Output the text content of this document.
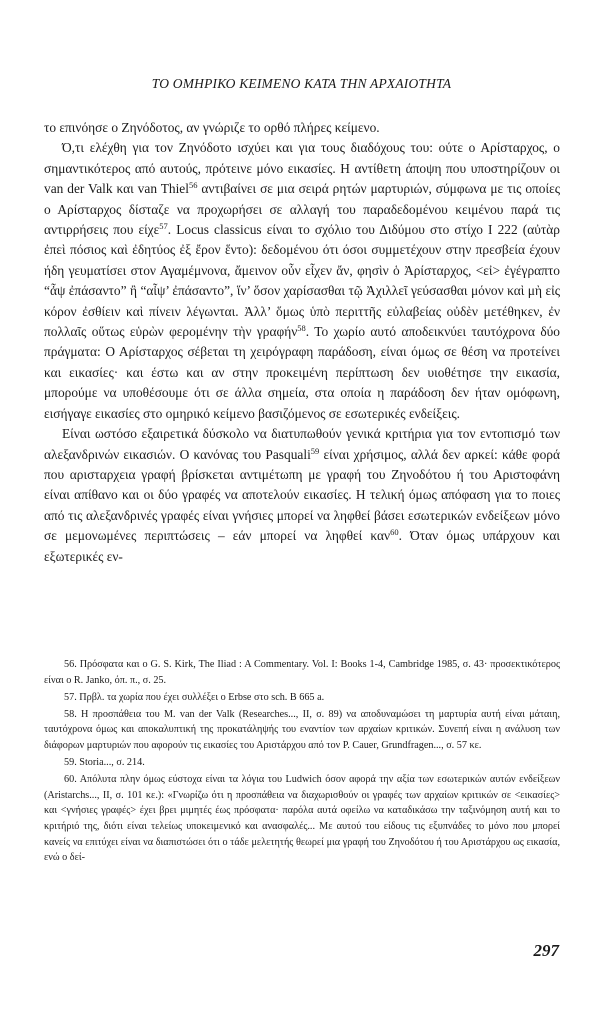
ΤΟ ΟΜΗΡΙΚΟ ΚΕΙΜΕΝΟ ΚΑΤΑ ΤΗΝ ΑΡΧΑΙΟΤΗΤΑ

το επινόησε ο Ζηνόδοτος, αν γνώριζε το ορθό πλήρες κείμενο.

Ό,τι ελέχθη για τον Ζηνόδοτο ισχύει και για τους διαδόχους του: ούτε ο Αρίσταρχος, ο σημαντικότερος από αυτούς, πρότεινε μόνο εικασίες. Η αντίθετη άποψη που υποστηρίζουν οι van der Valk και van Thiel$^{56}$ αντιβαίνει σε μια σειρά ρητών μαρτυριών, σύμφωνα με τις οποίες ο Αρίσταρχος δίσταζε να προχωρήσει σε αλλαγή του παραδεδομένου κειμένου παρά τις αντιρρήσεις που είχε$^{57}$. Locus classicus είναι το σχόλιο του Διδύμου στο στίχο Ι 222 (αὐτὰρ ἐπεὶ πόσιος καὶ ἐδητύος ἐξ ἔρον ἕντο): δεδομένου ότι όσοι συμμετέχουν στην πρεσβεία έχουν ήδη γευματίσει στον Αγαμέμνονα, ἄμεινον οὖν εἶχεν ἄν, φησὶν ὁ Ἀρίσταρχος, <εἰ> ἐγέγραπτο “ἆψ ἐπάσαντο” ἢ “αἶψ’ ἐπάσαντο”, ἵν’ ὅσον χαρίσασθαι τῷ Ἀχιλλεῖ γεύσασθαι μόνον καὶ μὴ εἰς κόρον ἐσθίειν καὶ πίνειν λέγωνται. Ἀλλ’ ὅμως ὑπὸ περιττῆς εὐλαβείας οὐδὲν μετέθηκεν, ἐν πολλαῖς οὕτως εὑρὼν φερομένην τὴν γραφήν$^{58}$. Το χωρίο αυτό αποδεικνύει ταυτόχρονα δύο πράγματα: Ο Αρίσταρχος σέβεται τη χειρόγραφη παράδοση, είναι όμως σε θέση να προτείνει και εικασίες· και έστω και αν στην προκειμένη περίπτωση δεν υιοθέτησε την εικασία, μπορούμε να υποθέσουμε ότι σε άλλα σημεία, στα οποία η παράδοση δεν ήταν ομόφωνη, εισήγαγε εικασίες στο ομηρικό κείμενο βασιζόμενος σε εσωτερικές ενδείξεις.

Είναι ωστόσο εξαιρετικά δύσκολο να διατυπωθούν γενικά κριτήρια για τον εντοπισμό των αλεξανδρινών εικασιών. Ο κανόνας του Pasquali$^{59}$ είναι χρήσιμος, αλλά δεν αρκεί: κάθε φορά που αρισταρχεια γραφή βρίσκεται αντιμέτωπη με γραφή του Ζηνοδότου ή του Αριστοφάνη είναι απίθανο και οι δύο γραφές να αποτελούν εικασίες. Η τελική όμως απόφαση για το ποιες από τις αλεξανδρινές γραφές είναι γνήσιες μπορεί να ληφθεί βάσει εσωτερικών ενδείξεων μόνο σε μεμονωμένες περιπτώσεις – εάν μπορεί να ληφθεί καν$^{60}$. Όταν όμως υπάρχουν και εξωτερικές εν-

56. Πρόσφατα και ο G. S. Kirk, The Iliad : A Commentary. Vol. I: Books 1-4, Cambridge 1985, σ. 43· προσεκτικότερος είναι ο R. Janko, όπ. π., σ. 25.

57. Πρβλ. τα χωρία που έχει συλλέξει ο Erbse στο sch. B 665 a.

58. Η προσπάθεια του M. van der Valk (Researches..., II, σ. 89) να αποδυναμώσει τη μαρτυρία αυτή είναι μάταιη, ταυτόχρονα όμως και αποκαλυπτική της προκατάληψής του εναντίον των αρχαίων κριτικών. Συνεπή είναι η ανάλυση των διάφορων μαρτυριών που αφορούν τις εικασίες του Αριστάρχου από τον P. Cauer, Grundfragen..., σ. 57 κε.

59. Storia..., σ. 214.

60. Απόλυτα πλην όμως εύστοχα είναι τα λόγια του Ludwich όσον αφορά την αξία των εσωτερικών αυτών ενδείξεων (Aristarchs..., II, σ. 101 κε.): «Γνωρίζω ότι η προσπάθεια να διαχωρισθούν οι γραφές των αρχαίων κριτικών σε <εικασίες> και <γνήσιες γραφές> έχει βρει μιμητές έως πρόσφατα· παρόλα αυτά οφείλω να καταδικάσω την ταξινόμηση αυτή και το κριτήριό της, διότι είναι τελείως υποκειμενικό και ανασφαλές... Με αυτού του είδους τις εξυπνάδες το μόνο που μπορεί κανείς να επιτύχει είναι να διαπιστώσει ότι ο τάδε μελετητής θεωρεί μια γραφή του Ζηνοδότου ή του Αριστάρχου ως εικασία, ενώ ο δεί-

297
